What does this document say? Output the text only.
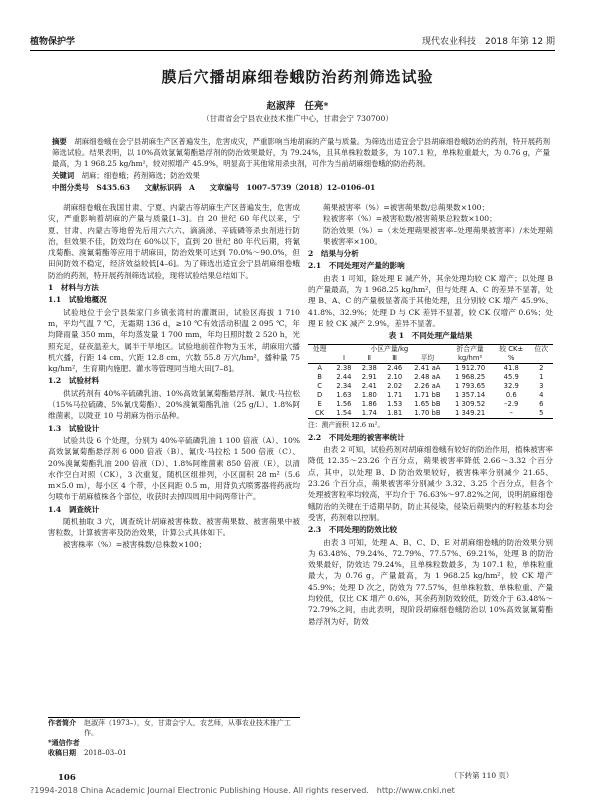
植物保护学	现代农业科技　2018 年第 12 期
膜后穴播胡麻细卷蛾防治药剂筛选试验
赵淑萍　任亮*
（甘肃省会宁县农业技术推广中心，甘肃会宁 730700）
摘要　 胡麻细卷蛾在会宁县胡麻生产区普遍发生，危害成灾，严重影响当地胡麻的产量与质量。为筛选出适宜会宁县胡麻细卷蛾防治的药剂，特开展药剂筛选试验。结果表明，以 10%高效氯氰菊酯悬浮剂的防治效果最好，为 79.24%，且其单株粒数最多，为 107.1 粒，单株粒重最大，为 0.76 g，产量最高，为 1 968.25 kg/hm²，较对照增产 45.9%，明显高于其他常用杀虫剂，可作为当前胡麻细卷蛾的防治药剂。
关键词　 胡麻；细卷蛾；药剂筛选；防治效果
中图分类号　S435.63　　文献标识码　A　　文章编号　1007–5739（2018）12–0106–01

胡麻细卷蛾在我国甘肃、宁夏、内蒙古等胡麻生产区普遍发生，危害成灾，严重影响着胡麻的产量与质量[1–3]。自 20 世纪 60 年代以来，宁夏、甘肃、内蒙古等地曾先后用六六六、滴滴涕、辛硫磷等杀虫剂进行防治，但效果不佳，防效均在 60%以下，直到 20 世纪 80 年代后期，将氰戊菊酯、溴氰菊酯等应用于胡麻田，防治效果可达到 70.0%～90.0%，但田间防效不稳定，经济效益较低[4–6]。为了筛选出适宜会宁县胡麻细卷蛾防治的药剂，特开展药剂筛选试验，现将试验结果总结如下。

1　材料与方法

1.1　试验地概况

试验地位于会宁县柴家门乡镇张湾村的灌溉田，试验区海拔 1 710 m，平均气温 7 ℃，无霜期 136 d，≥10 ℃有效活动积温 2 095 ℃，年均降雨量 350 mm，年均蒸发量 1 700 mm，年均日照时数 2 520 h，光照充足，昼夜温差大，属半干旱地区。试验地前茬作物为玉米，胡麻用穴播机穴播，行距 14 cm、穴距 12.8 cm，穴数 55.8 万穴/hm²，播种量 75 kg/hm²，生育期内施肥、灌水等管理同当地大田[7–8]。

1.2　试验材料

供试药剂有 40%辛硫磷乳油、10%高效氯氰菊酯悬浮剂、氰戊·马拉松（15%马拉硫磷、5%氰戊菊酯）、20%溴氰菊酯乳油（25 g/L）、1.8%阿维菌素，以陇亚 10 号胡麻为指示品种。

1.3　试验设计

试验共设 6 个处理，分别为 40%辛硫磷乳油 1 100 倍液（A）、10%高效氯氰菊酯悬浮剂 6 000 倍液（B）、氰戊·马拉松 1 500 倍液（C）、20%溴氰菊酯乳油 200 倍液（D）、1.8%阿维菌素 850 倍液（E），以清水作空白对照（CK），3 次重复，随机区组排列，小区面积 28 m²（5.6 m×5.0 m），每小区 4 个带，小区间距 0.5 m，用背负式喷雾器将药液均匀喷布于胡麻植株各个部位，收获时去掉四周用中间两带计产。

1.4　调查统计

随机抽取 3 穴，调查统计胡麻被害株数、被害蒴果数、被害蒴果中被害粒数，计算被害率及防治效果，计算公式具体如下。

被害株率（%）=被害株数/总株数×100；

作者简介	赵淑萍（1973–），女，甘肃会宁人，农艺师，从事农业技术推广工作。
*通信作者
收稿日期	2018–03–01

蒴果被害率（%）=被害蒴果数/总蒴果数×100；

粒被害率（%）=被害粒数/被害蒴果总粒数×100；

防治效果（%）=（未处理蒴果被害率–处理蒴果被害率）/未处理蒴果被害率×100。

2　结果与分析

2.1　不同处理对产量的影响

由表 1 可知，除处理 E 减产外，其余处理均较 CK 增产；以处理 B 的产量最高，为 1 968.25 kg/hm²，但与处理 A、C 的差异不显著，处理 B、A、C 的产量极显著高于其他处理，且分别较 CK 增产 45.9%、41.8%、32.9%；处理 D 与 CK 差异不显著，较 CK 仅增产 0.6%；处理 E 较 CK 减产 2.9%，差异不显著。

表 1　不同处理产量结果

处理	小区产量/kg				折合产量	较 CK±	位次
	Ⅰ	Ⅱ	Ⅲ	平均	kg/hm²	%	
A	2.38	2.38	2.46	2.41 aA	1 912.70	41.8	2
B	2.44	2.91	2.10	2.48 aA	1 968.25	45.9	1
C	2.34	2.41	2.02	2.26 aA	1 793.65	32.9	3
D	1.63	1.80	1.71	1.71 bB	1 357.14	0.6	4
E	1.56	1.86	1.53	1.65 bB	1 309.52	–2.9	6
CK	1.54	1.74	1.81	1.70 bB	1 349.21	–	5

注：测产面积 12.6 m²。

2.2　不同处理的被害率统计

由表 2 可知，试验药剂对胡麻细卷蛾有较好的防治作用，植株被害率降低 12.35～23.26 个百分点，蒴果被害率降低 2.66～3.32 个百分点，其中，以处理 B、D 防治效果较好，被害株率分别减少 21.65、23.26 个百分点，蒴果被害率分别减少 3.32、3.25 个百分点，但各个处理被害粒率均较高，平均介于 76.63%～97.82%之间，说明胡麻细卷蛾防治的关键在于适期早防，防止其侵染，侵染后蒴果内的籽粒基本均会受害，药剂难以控制。

2.3　不同处理的防效比较

由表 3 可知，处理 A、B、C、D、E 对胡麻细卷蛾的防治效果分别为 63.48%、79.24%、72.79%、77.57%、69.21%，处理 B 的防治效果最好，防效达 79.24%，且单株粒数最多，为 107.1 粒，单株粒重最大，为 0.76 g，产量最高，为 1 968.25 kg/hm²，较 CK 增产 45.9%；处理 D 次之，防效为 77.57%，但单株粒数、单株粒重、产量均较低，仅比 CK 增产 0.6%，其余药剂防效较低，防效介于 63.48%～72.79%之间，由此表明，现阶段胡麻细卷蛾防治以 10%高效氯氰菊酯悬浮剂为好，防效

（下转第 110 页）
106
?1994-2018 China Academic Journal Electronic Publishing House. All rights reserved.　http://www.cnki.net
